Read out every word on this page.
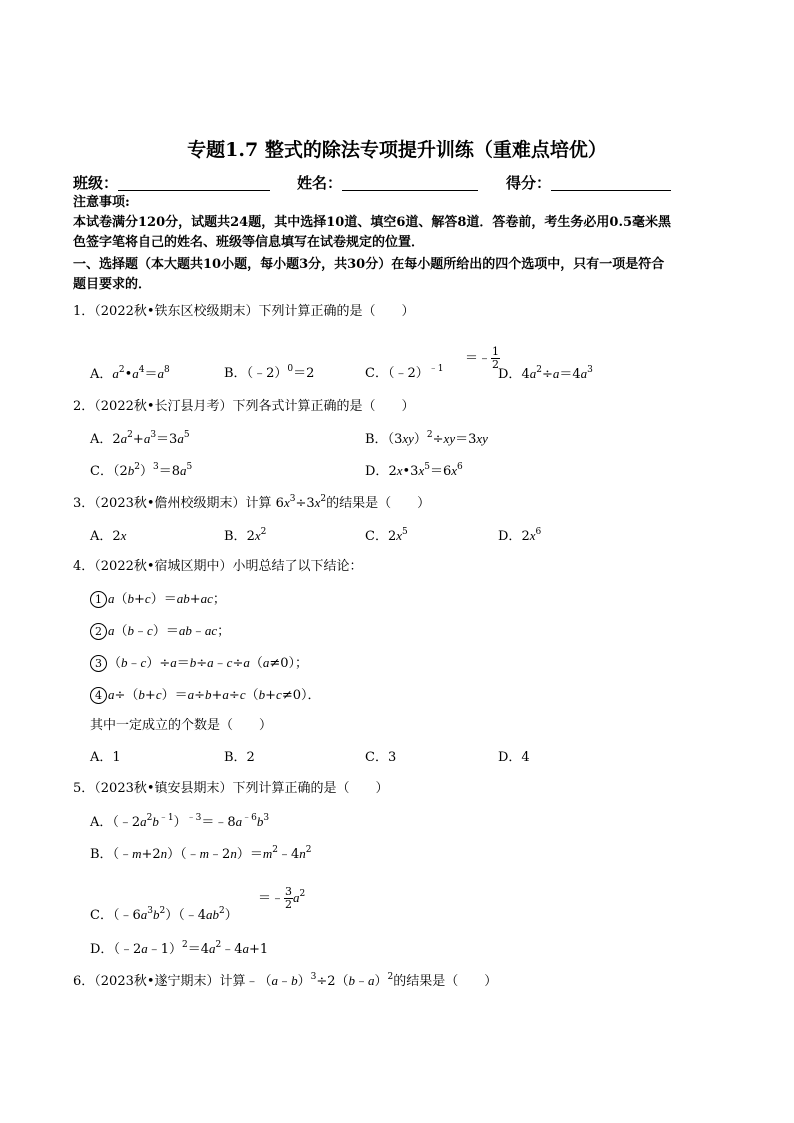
专题1.7 整式的除法专项提升训练（重难点培优）
班级：	姓名：	得分：
注意事项:
本试卷满分120分，试题共24题，其中选择10道、填空6道、解答8道．答卷前，考生务必用0.5毫米黑
色签字笔将自己的姓名、班级等信息填写在试卷规定的位置．
一、选择题（本大题共10小题，每小题3分，共30分）在每小题所给出的四个选项中，只有一项是符合
题目要求的．
1．（2022秋•铁东区校级期末）下列计算正确的是（　　）
A．$a^2•a^4=a^8$	B．（﹣2）$^0$＝2	C．（﹣2）$^{﹣1}$
＝﹣ $\frac{1}{2}$
D．$4a^2\div a=4a^3$
2．（2022秋•长汀县月考）下列各式计算正确的是（　　）
A．$2a^2+a^3=3a^5$	B．$(3xy)^2\div xy=3xy$
C．$(2b^2)^3=8a^5$	D．$2x•3x^5=6x^6$
3．（2023秋•儋州校级期末）计算 $6x^3\div 3x^2$的结果是（　　）
A．2x	B．$2x^2$	C．$2x^5$	D．$2x^6$
4．（2022秋•宿城区期中）小明总结了以下结论：
1 a（b+c）＝ab+ac；
2 a（b﹣c）＝ab﹣ac；
3 （b﹣c）÷a＝b÷a﹣c÷a（a≠0）；
4 a÷（b+c）＝a÷b+a÷c（b+c≠0）．
其中一定成立的个数是（　　）
A．1	B．2	C．3	D．4
5．（2023秋•镇安县期末）下列计算正确的是（　　）
A．$(﹣2a^2b^{﹣1})^{﹣3}=﹣8a^{﹣6}b^3$
B．$(﹣m+2n)(﹣m﹣2n)=m^2﹣4n^2$
C．$(﹣6a^3b^2)(﹣4ab^2)$
＝﹣ $\frac{3}{2} a^2$
D．$(﹣2a﹣1)^2=4a^2﹣4a+1$
6．（2023秋•遂宁期末）计算﹣（a﹣b）$^3$÷2（b﹣a）$^2$的结果是（　　）
